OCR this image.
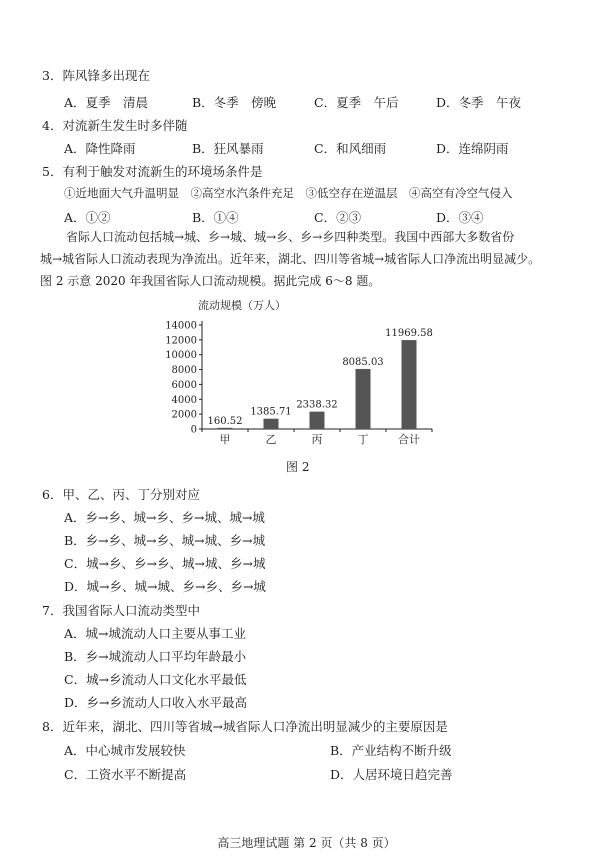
3．阵风锋多出现在
A．夏季　清晨	B．冬季　傍晚	C．夏季　午后	D．冬季　午夜
4．对流新生发生时多伴随
A．降性降雨	B．狂风暴雨	C．和风细雨	D．连绵阴雨
5．有利于触发对流新生的环境场条件是
①近地面大气升温明显　②高空水汽条件充足　③低空存在逆温层　④高空有冷空气侵入
A．①②	B．①④	C．②③	D．③④
　　省际人口流动包括城→城、乡→城、城→乡、乡→乡四种类型。我国中西部大多数省份
城→城省际人口流动表现为净流出。近年来，湖北、四川等省城→城省际人口净流出明显减少。
图 2 示意 2020 年我国省际人口流动规模。据此完成 6～8 题。
流动规模（万人）
0
2000
4000
6000
8000
10000
12000
14000
160.52
甲
1385.71
乙
2338.32
丙
8085.03
丁
11969.58
合计
图 2
6．甲、乙、丙、丁分别对应
A．乡→乡、城→乡、乡→城、城→城
B．乡→乡、城→乡、城→城、乡→城
C．城→乡、乡→乡、城→城、乡→城
D．城→乡、城→城、乡→乡、乡→城
7．我国省际人口流动类型中
A．城→城流动人口主要从事工业
B．乡→城流动人口平均年龄最小
C．城→乡流动人口文化水平最低
D．乡→乡流动人口收入水平最高
8．近年来，湖北、四川等省城→城省际人口净流出明显减少的主要原因是
A．中心城市发展较快	B．产业结构不断升级
C．工资水平不断提高	D．人居环境日趋完善
高三地理试题 第 2 页（共 8 页）
